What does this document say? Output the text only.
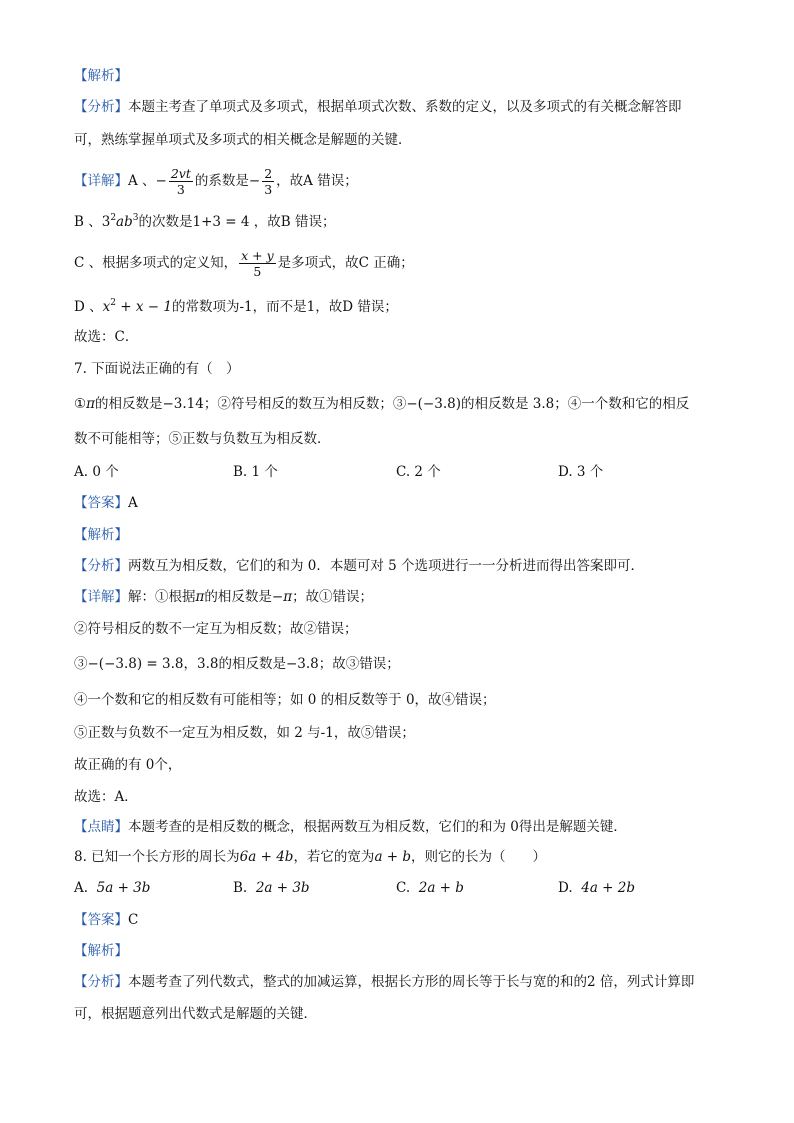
【解析】
【分析】本题主考查了单项式及多项式，根据单项式次数、系数的定义，以及多项式的有关概念解答即
可，熟练掌握单项式及多项式的相关概念是解题的关键．
【详解】A 、− $\frac{2vt}{3}$ 的系数是− $\frac{2}{3}$ ，故A 错误；
B 、$3^2ab^3$的次数是1+3 = 4 ，故B 错误；
C 、根据多项式的定义知， $\frac{x + y}{5}$ 是多项式，故C 正确；
D 、$x^2 + x - 1$的常数项为-1，而不是1，故D 错误；
故选：C．
7. 下面说法正确的有（　）
①π的相反数是−3.14；②符号相反的数互为相反数；③−(−3.8)的相反数是 3.8；④一个数和它的相反
数不可能相等；⑤正数与负数互为相反数．
A. 0 个	B. 1 个	C. 2 个	D. 3 个
【答案】A
【解析】
【分析】两数互为相反数，它们的和为 0．本题可对 5 个选项进行一一分析进而得出答案即可．
【详解】解：①根据π的相反数是−π；故①错误；
②符号相反的数不一定互为相反数；故②错误；
③−(−3.8) = 3.8，3.8的相反数是−3.8；故③错误；
④一个数和它的相反数有可能相等；如 0 的相反数等于 0，故④错误；
⑤正数与负数不一定互为相反数，如 2 与-1，故⑤错误；
故正确的有 0个，
故选：A．
【点睛】本题考查的是相反数的概念，根据两数互为相反数，它们的和为 0得出是解题关键．
8. 已知一个长方形的周长为6a + 4b，若它的宽为a + b，则它的长为（　　）
A. 5a + 3b	B. 2a + 3b	C. 2a + b	D. 4a + 2b
【答案】C
【解析】
【分析】本题考查了列代数式，整式的加减运算，根据长方形的周长等于长与宽的和的2 倍，列式计算即
可，根据题意列出代数式是解题的关键．
